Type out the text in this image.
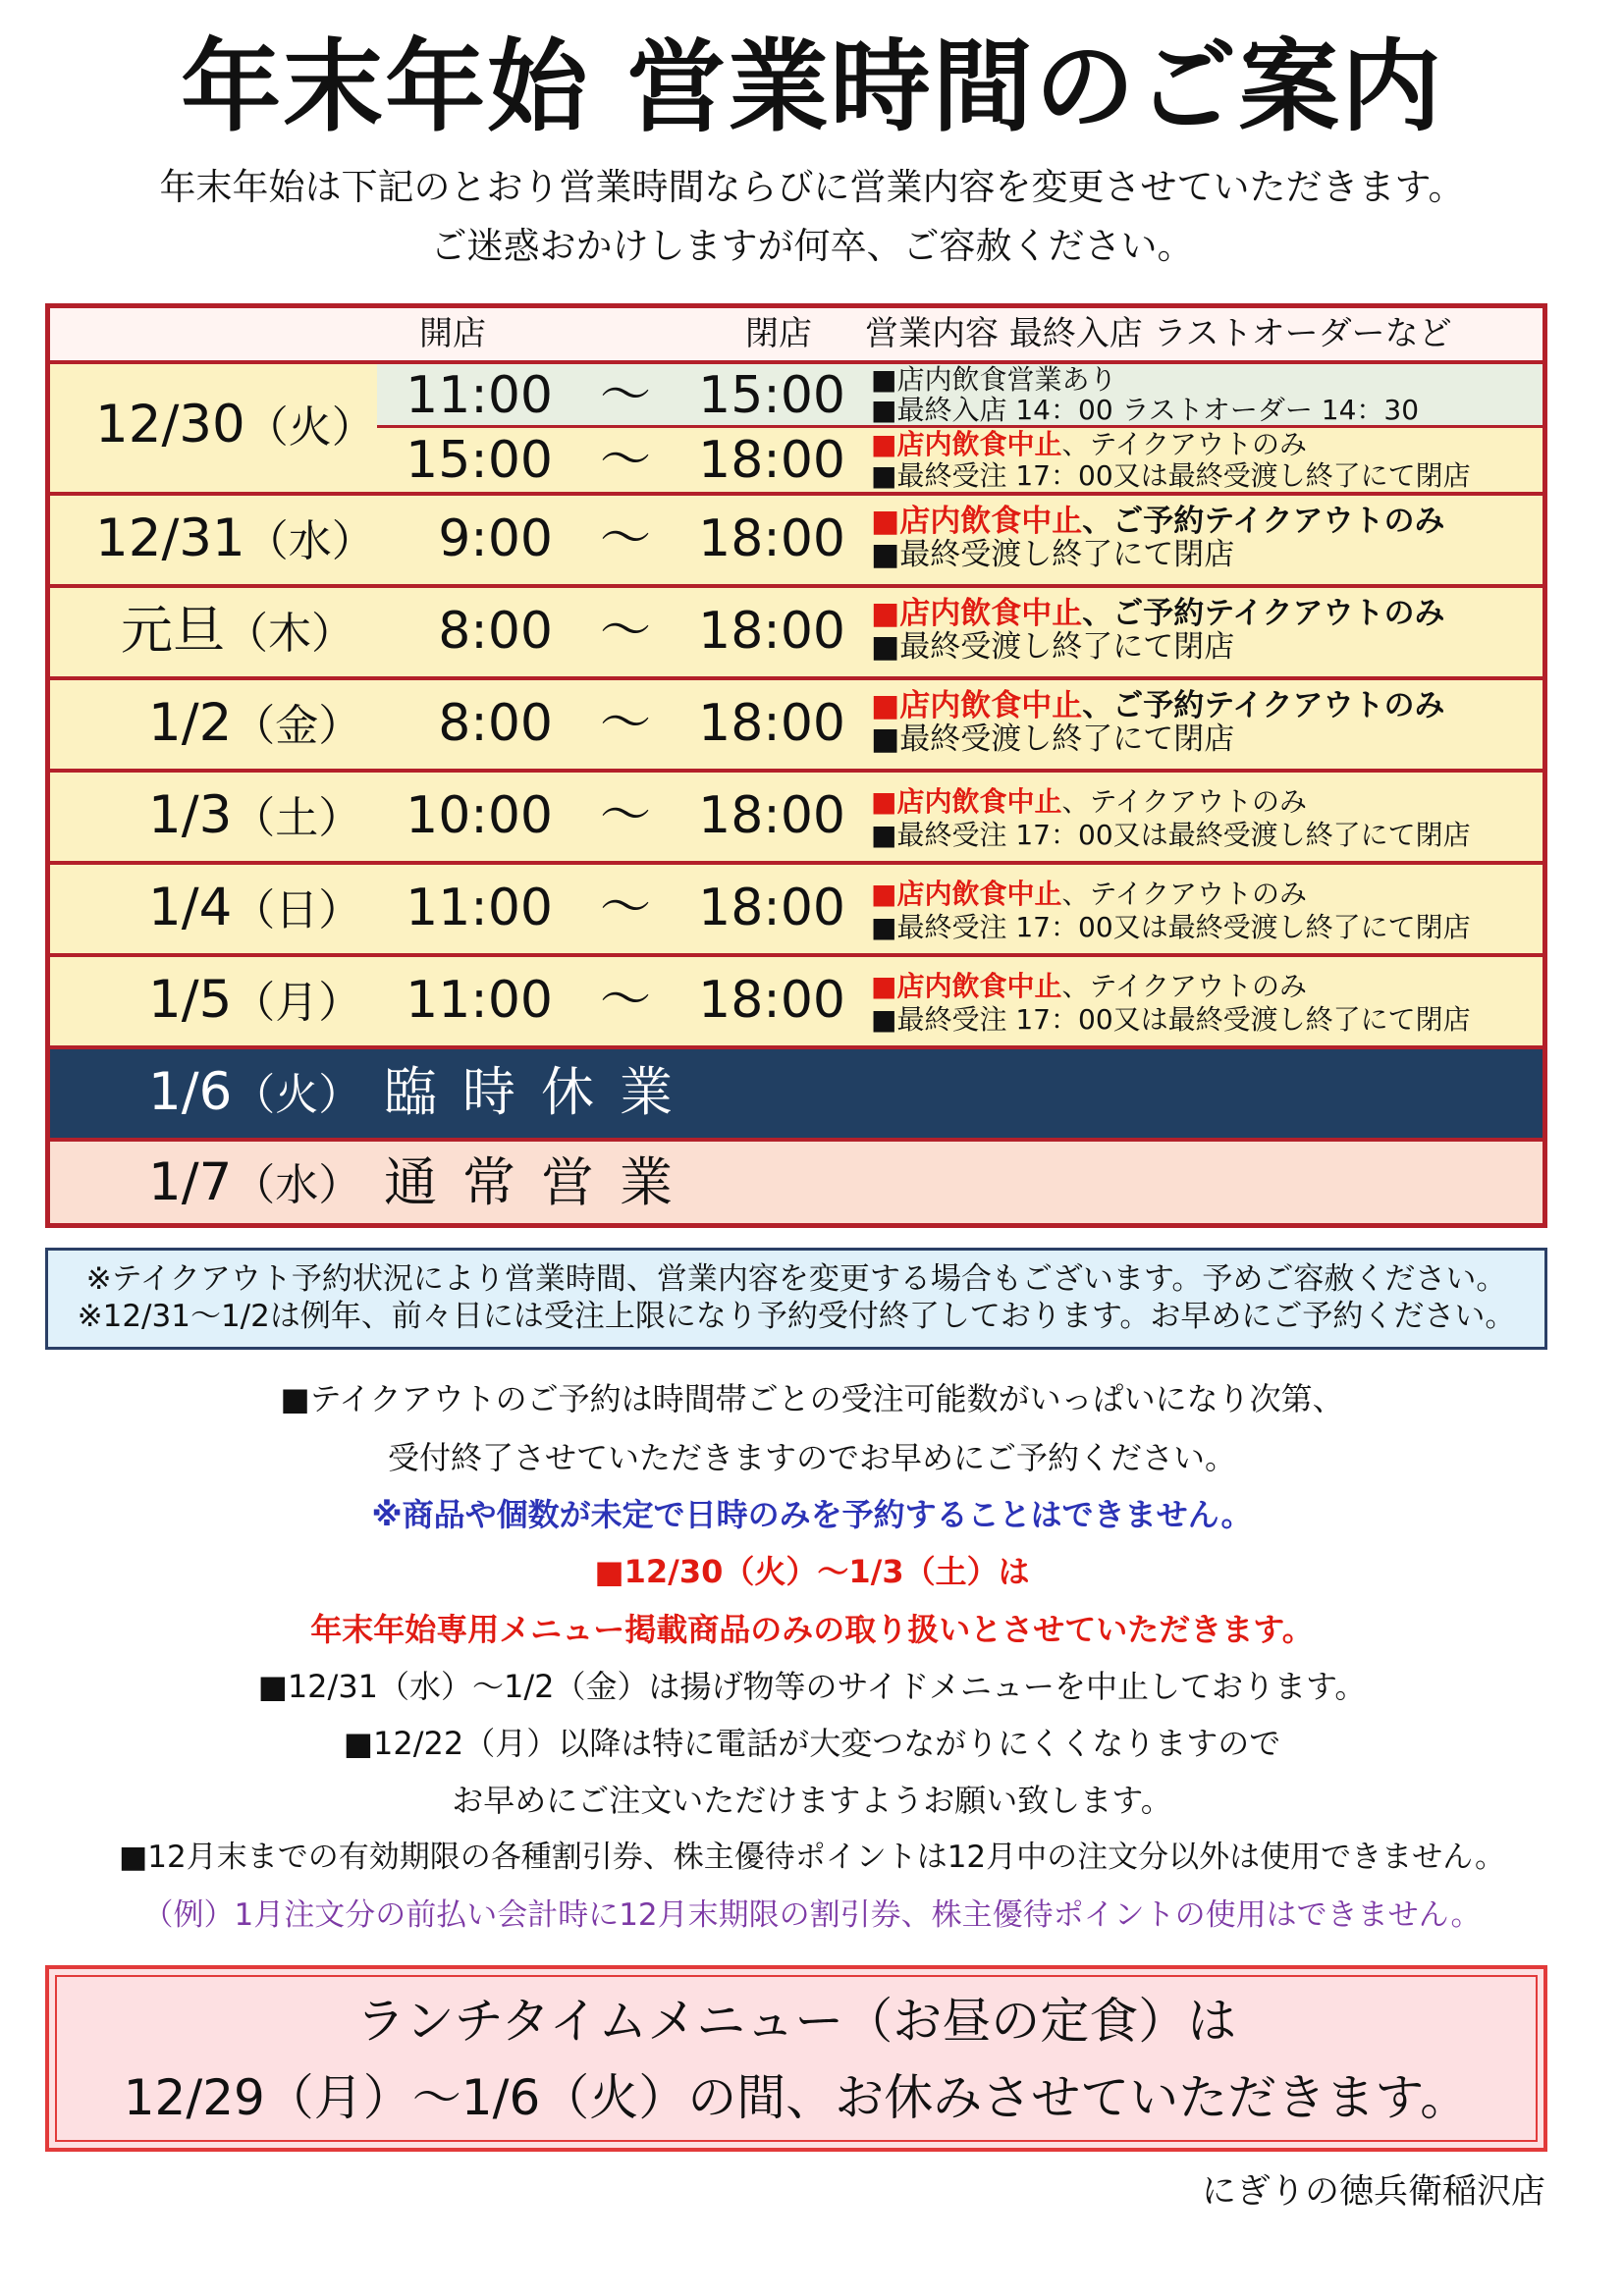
年末年始 営業時間のご案内
年末年始は下記のとおり営業時間ならびに営業内容を変更させていただきます。
ご迷惑おかけしますが何卒、ご容赦ください。
開店	閉店 営業内容 最終入店 ラストオーダーなど
12/30（火）
11:00 ～ 15:00 ■店内飲食営業あり
■最終入店 14：00 ラストオーダー 14：30
15:00 ～ 18:00 ■店内飲食中止、テイクアウトのみ
■最終受注 17：00又は最終受渡し終了にて閉店
12/31（水）	9:00 ～ 18:00 ■店内飲食中止、ご予約テイクアウトのみ
■最終受渡し終了にて閉店
元旦（木）	8:00 ～ 18:00 ■店内飲食中止、ご予約テイクアウトのみ
■最終受渡し終了にて閉店
1/2（金）	8:00 ～ 18:00 ■店内飲食中止、ご予約テイクアウトのみ
■最終受渡し終了にて閉店
1/3（土） 10:00 ～ 18:00 ■店内飲食中止、テイクアウトのみ
■最終受注 17：00又は最終受渡し終了にて閉店
1/4（日） 11:00 ～ 18:00 ■店内飲食中止、テイクアウトのみ
■最終受注 17：00又は最終受渡し終了にて閉店
1/5（月） 11:00 ～ 18:00 ■店内飲食中止、テイクアウトのみ
■最終受注 17：00又は最終受渡し終了にて閉店
1/6（火） 臨時休業
1/7（水） 通常営業
※テイクアウト予約状況により営業時間、営業内容を変更する場合もございます。予めご容赦ください。
※12/31～1/2は例年、前々日には受注上限になり予約受付終了しております。お早めにご予約ください。
■テイクアウトのご予約は時間帯ごとの受注可能数がいっぱいになり次第、
受付終了させていただきますのでお早めにご予約ください。
※商品や個数が未定で日時のみを予約することはできません。
■12/30（火）～1/3（土）は
年末年始専用メニュー掲載商品のみの取り扱いとさせていただきます。
■12/31（水）～1/2（金）は揚げ物等のサイドメニューを中止しております。
■12/22（月）以降は特に電話が大変つながりにくくなりますので
お早めにご注文いただけますようお願い致します。
■12月末までの有効期限の各種割引券、株主優待ポイントは12月中の注文分以外は使用できません。
（例）1月注文分の前払い会計時に12月末期限の割引券、株主優待ポイントの使用はできません。
ランチタイムメニュー（お昼の定食）は
12/29（月）～1/6（火）の間、お休みさせていただきます。
にぎりの徳兵衛稲沢店
